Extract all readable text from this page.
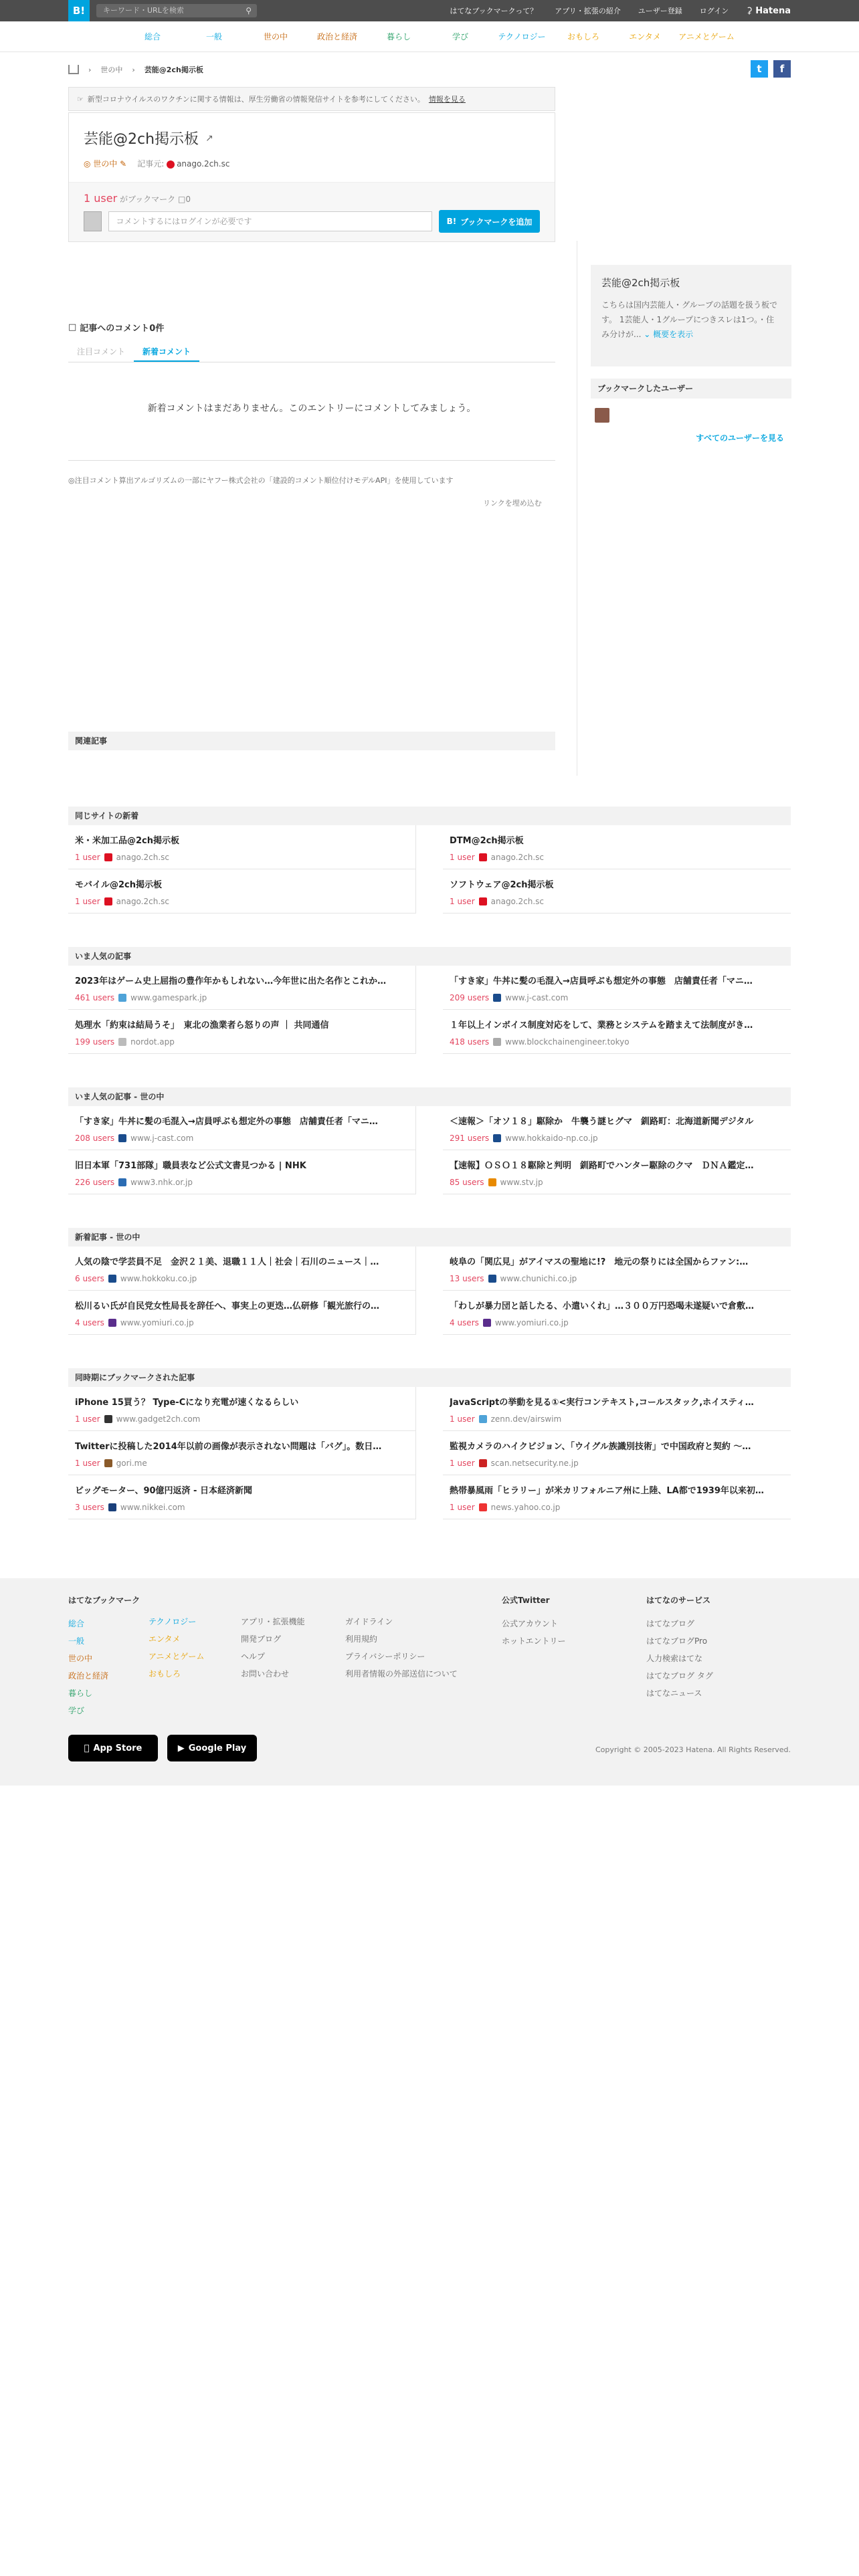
B!	キーワード・URLを検索	⚲	はてなブックマークって？ アプリ・拡張の紹介 ユーザー登録 ログイン ⚳ Hatena
総合	一般	世の中	政治と経済	暮らし	学び	テクノロジー	おもしろ	エンタメ	アニメとゲーム
› 世の中 › 芸能@2ch掲示板	t	f
☞ 新型コロナウイルスのワクチンに関する情報は、厚生労働省の情報発信サイトを参考にしてください。 情報を見る
芸能@2ch掲示板 ↗
◎ 世の中 ✎ 記事元: anago.2ch.sc
1 user がブックマーク □0
コメントするにはログインが必要です	B! ブックマークを追加
芸能@2ch掲示板

こちらは国内芸能人・グループの話題を扱う板です。 1芸能人・1グループにつきスレは1つ。・住み分けが... ⌄ 概要を表示

ブックマークしたユーザー
すべてのユーザーを見る
□ 記事へのコメント0件
注目コメント	新着コメント
新着コメントはまだありません。このエントリーにコメントしてみましょう。
◎注目コメント算出アルゴリズムの一部にヤフー株式会社の「建設的コメント順位付けモデルAPI」を使用しています
リンクを埋め込む
関連記事
同じサイトの新着
米・米加工品@2ch掲示板
1 user anago.2ch.sc
DTM@2ch掲示板
1 user anago.2ch.sc
モバイル@2ch掲示板
1 user anago.2ch.sc
ソフトウェア@2ch掲示板
1 user anago.2ch.sc
いま人気の記事
2023年はゲーム史上屈指の豊作年かもしれない…今年世に出た名作とこれか…
461 users www.gamespark.jp
「すき家」牛丼に髪の毛混入→店員呼ぶも想定外の事態　店舗責任者「マニ…
209 users www.j-cast.com
処理水「約束は結局うそ」　東北の漁業者ら怒りの声 ｜ 共同通信
199 users nordot.app
１年以上インボイス制度対応をして、業務とシステムを踏まえて法制度がき…
418 users www.blockchainengineer.tokyo
いま人気の記事 - 世の中
「すき家」牛丼に髪の毛混入→店員呼ぶも想定外の事態　店舗責任者「マニ…
208 users www.j-cast.com
＜速報＞「オソ１８」駆除か　牛襲う謎ヒグマ　釧路町：北海道新聞デジタル
291 users www.hokkaido-np.co.jp
旧日本軍「731部隊」職員表など公式文書見つかる | NHK
226 users www3.nhk.or.jp
【速報】ＯＳＯ１８駆除と判明　釧路町でハンター駆除のクマ　ＤＮＡ鑑定…
85 users www.stv.jp
新着記事 - 世の中
人気の陰で学芸員不足　金沢２１美、退職１１人｜社会｜石川のニュース｜…
6 users www.hokkoku.co.jp
岐阜の「関広見」がアイマスの聖地に!?　地元の祭りには全国からファン:…
13 users www.chunichi.co.jp
松川るい氏が自民党女性局長を辞任へ、事実上の更迭…仏研修「観光旅行の…
4 users www.yomiuri.co.jp
「わしが暴力団と話したる、小遣いくれ」…３００万円恐喝未遂疑いで倉敷…
4 users www.yomiuri.co.jp
同時期にブックマークされた記事
iPhone 15買う？ Type-Cになり充電が速くなるらしい
1 user www.gadget2ch.com
JavaScriptの挙動を見る①<実行コンテキスト,コールスタック,ホイスティ…
1 user zenn.dev/airswim
Twitterに投稿した2014年以前の画像が表示されない問題は「バグ」。数日…
1 user gori.me
監視カメラのハイクビジョン、「ウイグル族識別技術」で中国政府と契約 〜…
1 user scan.netsecurity.ne.jp
ビッグモーター、90億円返済 - 日本経済新聞
3 users www.nikkei.com
熱帯暴風雨「ヒラリー」が米カリフォルニア州に上陸、LA都で1939年以来初…
1 user news.yahoo.co.jp
はてなブックマーク
総合
一般
世の中
政治と経済
暮らし
学び
テクノロジー
エンタメ
アニメとゲーム
おもしろ
アプリ・拡張機能
開発ブログ
ヘルプ
お問い合わせ
ガイドライン
利用規約
プライバシーポリシー
利用者情報の外部送信について
公式Twitter
公式アカウント
ホットエントリー
はてなのサービス
はてなブログ
はてなブログPro
人力検索はてな
はてなブログ タグ
はてなニュース
App Store	▶ Google Play	Copyright © 2005-2023 Hatena. All Rights Reserved.
